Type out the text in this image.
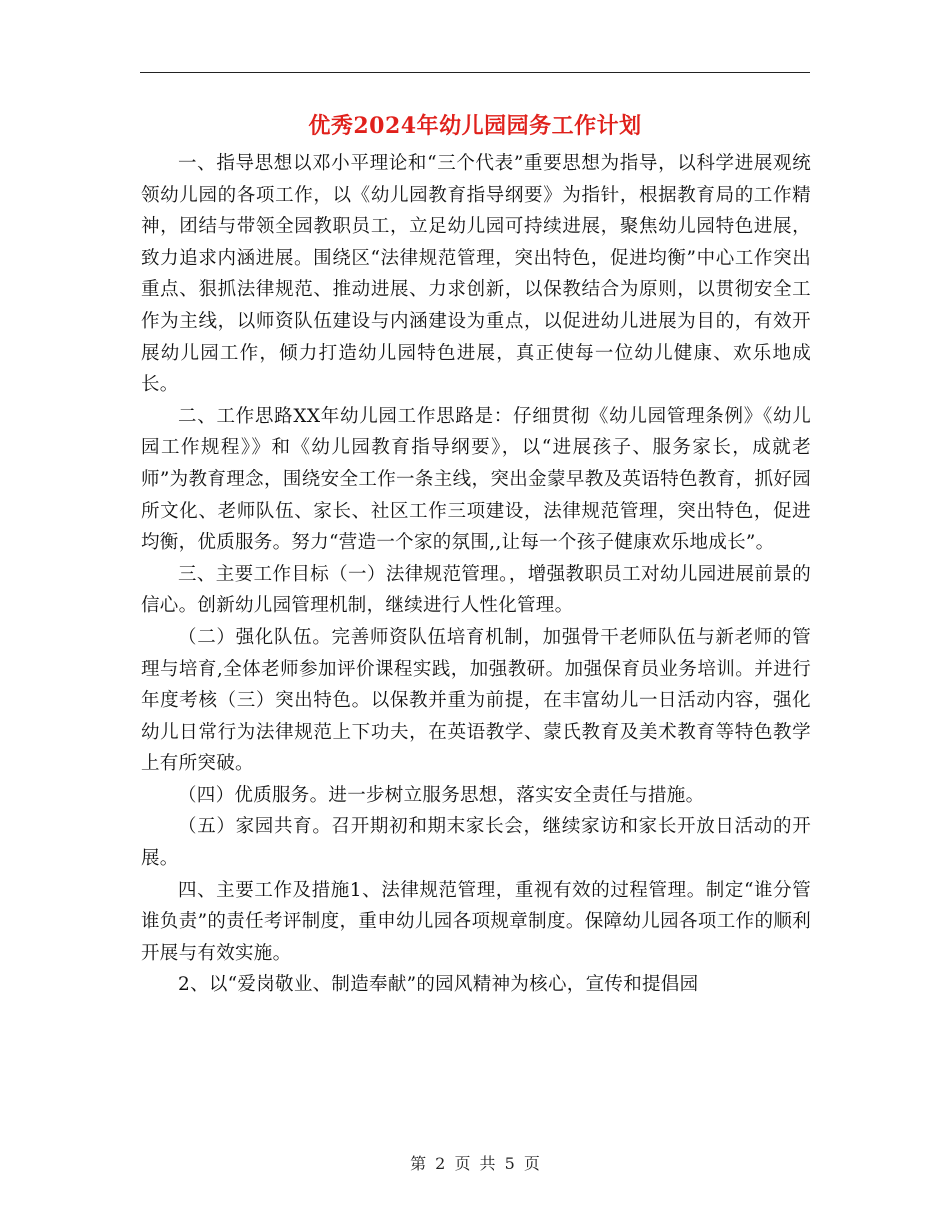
优秀2024年幼儿园园务工作计划

一、指导思想以邓小平理论和“三个代表”重要思想为指导，以科学进展观统领幼儿园的各项工作，以《幼儿园教育指导纲要》为指针，根据教育局的工作精神，团结与带领全园教职员工，立足幼儿园可持续进展，聚焦幼儿园特色进展，致力追求内涵进展。围绕区“法律规范管理，突出特色，促进均衡”中心工作突出重点、狠抓法律规范、推动进展、力求创新，以保教结合为原则，以贯彻安全工作为主线，以师资队伍建设与内涵建设为重点，以促进幼儿进展为目的，有效开展幼儿园工作，倾力打造幼儿园特色进展，真正使每一位幼儿健康、欢乐地成长。

二、工作思路XX年幼儿园工作思路是：仔细贯彻《幼儿园管理条例》《幼儿园工作规程》》和《幼儿园教育指导纲要》，以“进展孩子、服务家长，成就老师”为教育理念，围绕安全工作一条主线，突出金蒙早教及英语特色教育，抓好园所文化、老师队伍、家长、社区工作三项建设，法律规范管理，突出特色，促进均衡，优质服务。努力“营造一个家的氛围,,让每一个孩子健康欢乐地成长”。

三、主要工作目标（一）法律规范管理。，增强教职员工对幼儿园进展前景的信心。创新幼儿园管理机制，继续进行人性化管理。

（二）强化队伍。完善师资队伍培育机制，加强骨干老师队伍与新老师的管理与培育,全体老师参加评价课程实践，加强教研。加强保育员业务培训。并进行年度考核（三）突出特色。以保教并重为前提，在丰富幼儿一日活动内容，强化幼儿日常行为法律规范上下功夫，在英语教学、蒙氏教育及美术教育等特色教学上有所突破。

（四）优质服务。进一步树立服务思想，落实安全责任与措施。

（五）家园共育。召开期初和期末家长会，继续家访和家长开放日活动的开展。

四、主要工作及措施1、法律规范管理，重视有效的过程管理。制定“谁分管谁负责”的责任考评制度，重申幼儿园各项规章制度。保障幼儿园各项工作的顺利开展与有效实施。

2、以“爱岗敬业、制造奉献”的园风精神为核心，宣传和提倡园

第 2 页 共 5 页
